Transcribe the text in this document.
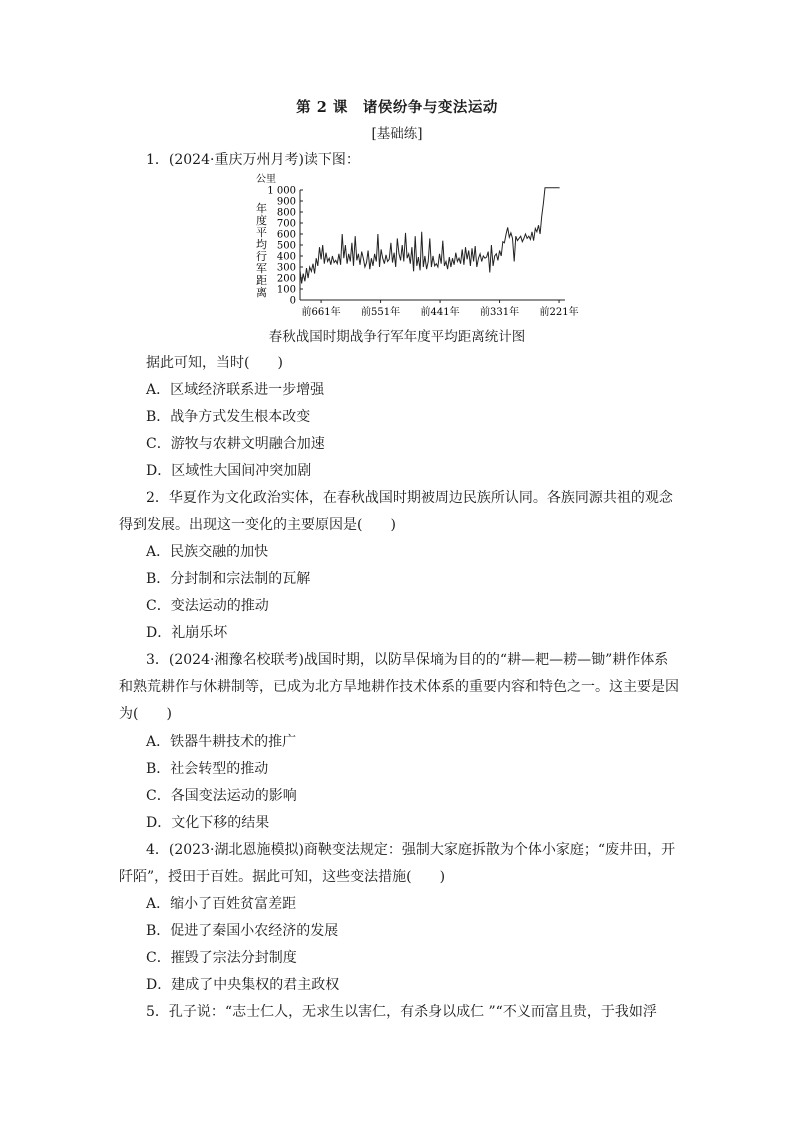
第 2 课　诸侯纷争与变法运动
[基础练]
1．(2024·重庆万州月考)读下图：
公里
年
度
平
均
行
军
距
离
0
100
200
300
400
500
600
700
800
900
1 000
前661年 前551年 前441年 前331年 前221年
春秋战国时期战争行军年度平均距离统计图
据此可知，当时(　　)
A．区域经济联系进一步增强
B．战争方式发生根本改变
C．游牧与农耕文明融合加速
D．区域性大国间冲突加剧
2．华夏作为文化政治实体，在春秋战国时期被周边民族所认同。各族同源共祖的观念
得到发展。出现这一变化的主要原因是(　　)
A．民族交融的加快
B．分封制和宗法制的瓦解
C．变法运动的推动
D．礼崩乐坏
3．(2024·湘豫名校联考)战国时期，以防旱保墒为目的的“耕—耙—耢—锄”耕作体系
和熟荒耕作与休耕制等，已成为北方旱地耕作技术体系的重要内容和特色之一。这主要是因
为(　　)
A．铁器牛耕技术的推广
B．社会转型的推动
C．各国变法运动的影响
D．文化下移的结果
4．(2023·湖北恩施模拟)商鞅变法规定：强制大家庭拆散为个体小家庭；“废井田，开
阡陌”，授田于百姓。据此可知，这些变法措施(　　)
A．缩小了百姓贫富差距
B．促进了秦国小农经济的发展
C．摧毁了宗法分封制度
D．建成了中央集权的君主政权
5．孔子说：“志士仁人，无求生以害仁，有杀身以成仁 ”“不义而富且贵，于我如浮
